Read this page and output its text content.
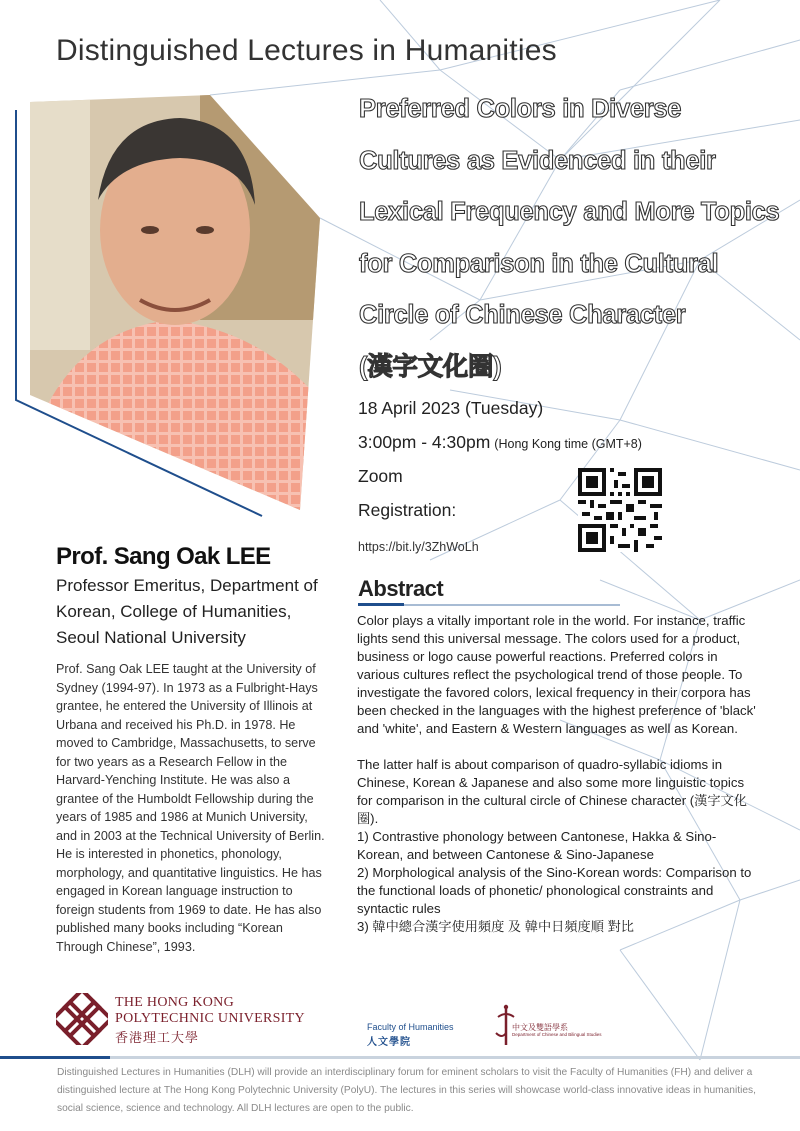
Distinguished Lectures in Humanities
Preferred Colors in Diverse
Cultures as Evidenced in their
Lexical Frequency and More Topics
for Comparison in the Cultural
Circle of Chinese Character
(漢字文化圈)
18 April 2023 (Tuesday)
3:00pm - 4:30pm (Hong Kong time (GMT+8)
Zoom
Registration:
https://bit.ly/3ZhWoLh
Abstract

Color plays a vitally important role in the world. For instance, traffic lights send this universal message. The colors used for a product, business or logo cause powerful reactions. Preferred colors in various cultures reflect the psychological trend of those people. To investigate the favored colors, lexical frequency in their corpora has been checked in the languages with the highest preference of 'black' and 'white', and Eastern & Western languages as well as Korean.

The latter half is about comparison of quadro-syllabic idioms in Chinese, Korean & Japanese and also some more linguistic topics for comparison in the cultural circle of Chinese character (漢字文化圈).

1) Contrastive phonology between Cantonese, Hakka & Sino-Korean, and between Cantonese & Sino-Japanese

2) Morphological analysis of the Sino-Korean words: Comparison to the functional loads of phonetic/ phonological constraints and syntactic rules

3) 韓中總合漢字使用頻度 及 韓中日頻度順 對比

Prof. Sang Oak LEE
Professor Emeritus, Department of Korean, College of Humanities, Seoul National University
Prof. Sang Oak LEE taught at the University of Sydney (1994-97). In 1973 as a Fulbright-Hays grantee, he entered the University of Illinois at Urbana and received his Ph.D. in 1978. He moved to Cambridge, Massachusetts, to serve for two years as a Research Fellow in the Harvard-Yenching Institute. He was also a grantee of the Humboldt Fellowship during the years of 1985 and 1986 at Munich University, and in 2003 at the Technical University of Berlin. He is interested in phonetics, phonology, morphology, and quantitative linguistics. He has engaged in Korean language instruction to foreign students from 1969 to date. He has also published many books including “Korean Through Chinese”, 1993.
THE HONG KONG
POLYTECHNIC UNIVERSITY
香港理工大學
Faculty of Humanities
人文學院
中文及雙語學系
Department of Chinese and Bilingual Studies
Distinguished Lectures in Humanities (DLH) will provide an interdisciplinary forum for eminent scholars to visit the Faculty of Humanities (FH) and deliver a distinguished lecture at The Hong Kong Polytechnic University (PolyU). The lectures in this series will showcase world-class innovative ideas in humanities, social science, science and technology. All DLH lectures are open to the public.
